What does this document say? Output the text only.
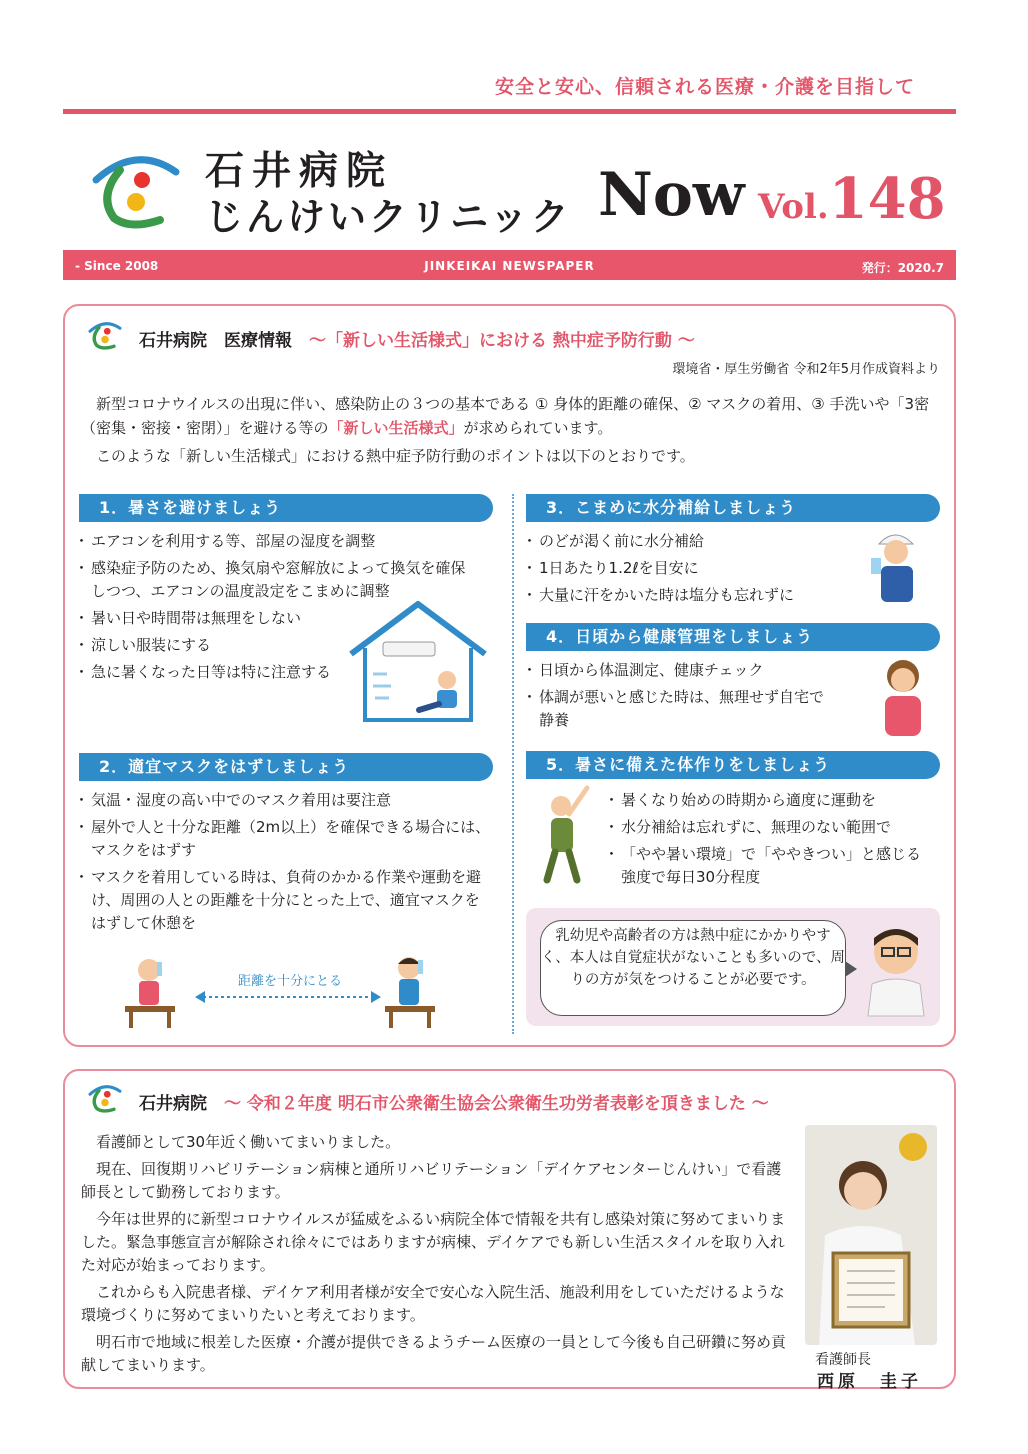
安全と安心、信頼される医療・介護を目指して
石井病院
じんけいクリニック Now Vol.148
- Since 2008	JINKEIKAI NEWSPAPER	発行：2020.7
石井病院　 医療情報　 ～「新しい生活様式」における 熱中症予防行動 ～
環境省・厚生労働省 令和2年5月作成資料より

新型コロナウイルスの出現に伴い、感染防止の３つの基本である ① 身体的距離の確保、② マスクの着用、③ 手洗いや「3密（密集・密接・密閉）」を避ける等の「新しい生活様式」が求められています。

このような「新しい生活様式」における熱中症予防行動のポイントは以下のとおりです。

1．暑さを避けましょう
・ エアコンを利用する等、部屋の湿度を調整
・ 感染症予防のため、換気扇や窓解放によって換気を確保しつつ、エアコンの温度設定をこまめに調整
・ 暑い日や時間帯は無理をしない
・ 涼しい服装にする
・ 急に暑くなった日等は特に注意する
2．適宜マスクをはずしましょう
・ 気温・湿度の高い中でのマスク着用は要注意
・ 屋外で人と十分な距離（2m以上）を確保できる場合には、マスクをはずす
・ マスクを着用している時は、負荷のかかる作業や運動を避け、周囲の人との距離を十分にとった上で、適宜マスクをはずして休憩を
距離を十分にとる
3．こまめに水分補給しましょう
・ のどが渇く前に水分補給
・ 1日あたり1.2ℓを目安に
・ 大量に汗をかいた時は塩分も忘れずに
4．日頃から健康管理をしましょう
・ 日頃から体温測定、健康チェック
・ 体調が悪いと感じた時は、無理せず自宅で静養
5．暑さに備えた体作りをしましょう
・ 暑くなり始めの時期から適度に運動を
・ 水分補給は忘れずに、無理のない範囲で
・ 「やや暑い環境」で「ややきつい」と感じる強度で毎日30分程度
乳幼児や高齢者の方は熱中症にかかりやすく、本人は自覚症状がないことも多いので、周りの方が気をつけることが必要です。
石井病院　 ～ 令和２年度 明石市公衆衛生協会公衆衛生功労者表彰を頂きました ～

看護師として30年近く働いてまいりました。

現在、回復期リハビリテーション病棟と通所リハビリテーション「デイケアセンターじんけい」で看護師長として勤務しております。

今年は世界的に新型コロナウイルスが猛威をふるい病院全体で情報を共有し感染対策に努めてまいりました。緊急事態宣言が解除され徐々にではありますが病棟、デイケアでも新しい生活スタイルを取り入れた対応が始まっております。

これからも入院患者様、デイケア利用者様が安全で安心な入院生活、施設利用をしていただけるような環境づくりに努めてまいりたいと考えております。

明石市で地域に根差した医療・介護が提供できるようチーム医療の一員として今後も自己研鑽に努め貢献してまいります。	看護師長
西原　圭子
